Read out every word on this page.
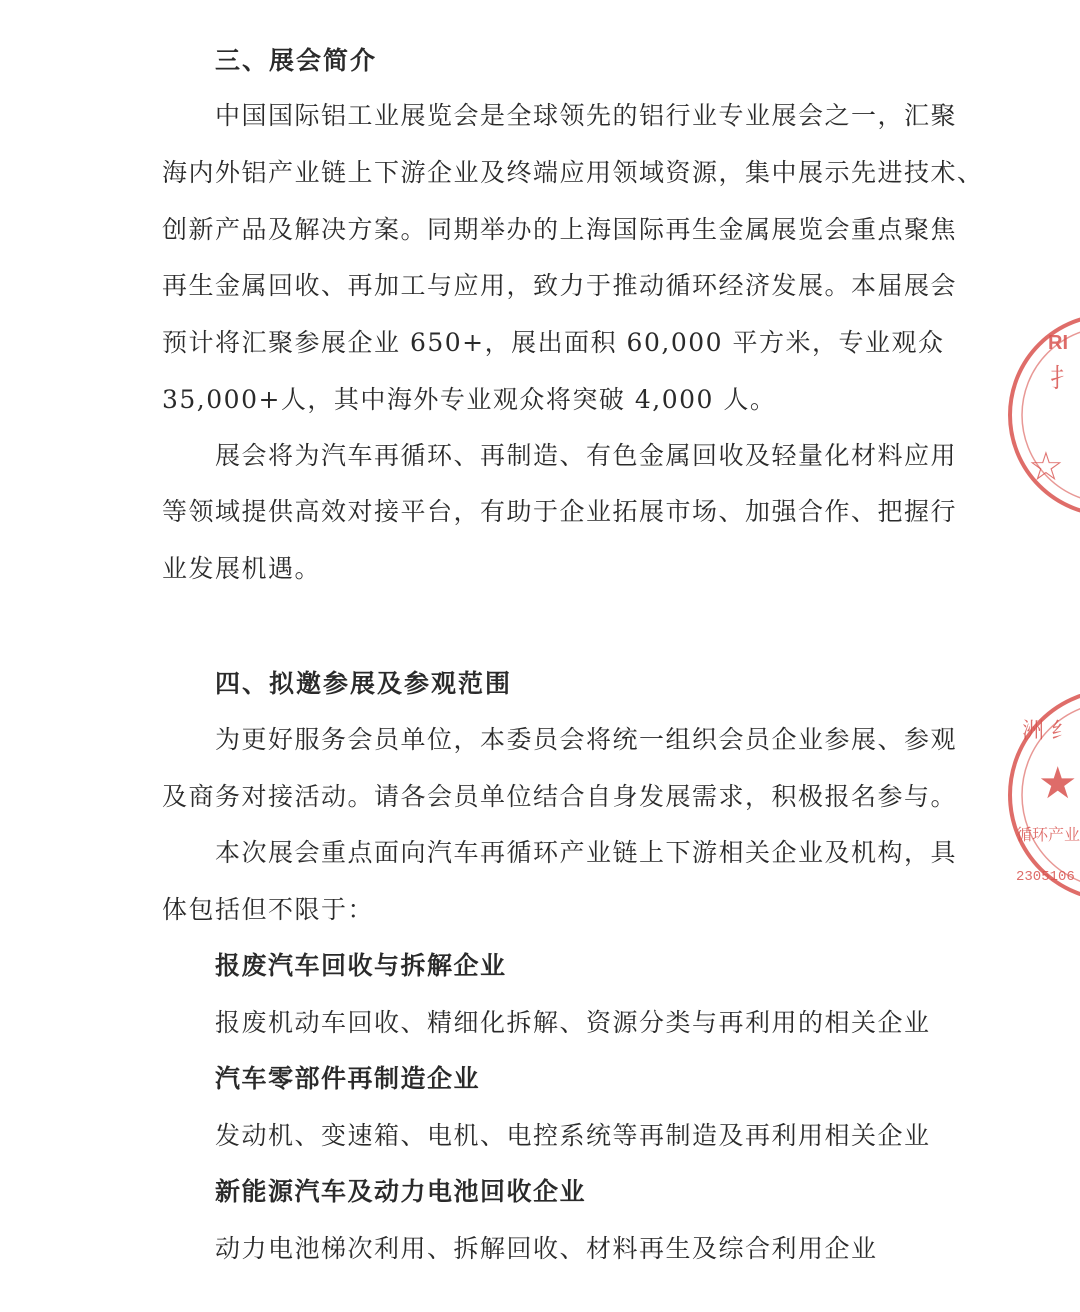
三、展会简介
中国国际铝工业展览会是全球领先的铝行业专业展会之一，汇聚
海内外铝产业链上下游企业及终端应用领域资源，集中展示先进技术、
创新产品及解决方案。同期举办的上海国际再生金属展览会重点聚焦
再生金属回收、再加工与应用，致力于推动循环经济发展。本届展会
预计将汇聚参展企业 650+，展出面积 60,000 平方米，专业观众
35,000+人，其中海外专业观众将突破 4,000 人。
展会将为汽车再循环、再制造、有色金属回收及轻量化材料应用
等领域提供高效对接平台，有助于企业拓展市场、加强合作、把握行
业发展机遇。
四、拟邀参展及参观范围
为更好服务会员单位，本委员会将统一组织会员企业参展、参观
及商务对接活动。请各会员单位结合自身发展需求，积极报名参与。
本次展会重点面向汽车再循环产业链上下游相关企业及机构，具
体包括但不限于：
报废汽车回收与拆解企业
报废机动车回收、精细化拆解、资源分类与再利用的相关企业
汽车零部件再制造企业
发动机、变速箱、电机、电控系统等再制造及再利用相关企业
新能源汽车及动力电池回收企业
动力电池梯次利用、拆解回收、材料再生及综合利用企业
RI
扌
☆
洲 纟
★
循环产业
2305106
